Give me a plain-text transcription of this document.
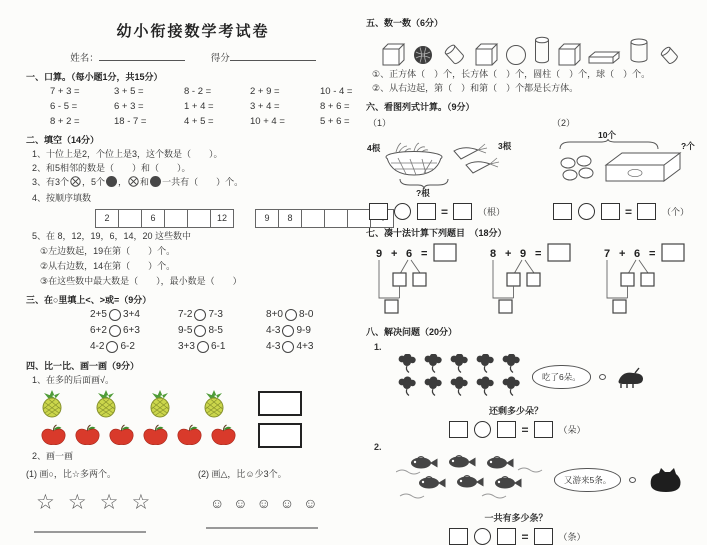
幼小衔接数学考试卷
姓名：	得分
一、口算。（每小题1分，共15分）
7 + 3 =	3 + 5 =	8 - 2 =	2 + 9 =	10 - 4 =
6 - 5 =	6 + 3 =	1 + 4 =	3 + 4 =	8 + 6 =
8 + 2 =	18 - 7 =	4 + 5 =	10 + 4 =	5 + 6 =
二、填空（14分）
1、十位上是2，个位上是3，这个数是（　　）。
2、和5相邻的数是（　　）和（　　）。
3、有3个 ，5个 ， 和 一共有（　　）个。
4、按顺序填数
2	6	12	9	8
5、在 8，12，19，6，14，20 这些数中
①左边数起，19在第（　　）个。
②从右边数，14在第（　　）个。
③在这些数中最大数是（　　），最小数是（　　）
三、在○里填上<、>或=（9分）
2+5 3+4	7-2 7-3	8+0 8-0
6+2 6+3	9-5 8-5	4-3 9-9
4-2 6-2	3+3 6-1	4-3 4+3
四、比一比、画一画（9分）
1、在多的后面画√。
2、画一画
(1) 画○，比☆多两个。
☆☆☆☆
(2) 画△，比☺少3个。
☺☺☺☺☺
五、数一数（6分）
①、正方体（　）个，长方体（　）个，圆柱（　）个，球（　）个。
②、从右边起，第（　）和第（　）个都是长方体。
六、看图列式计算。（9分）
（1）
4根	3根
?根
=	（根）
（2）
10个
?个
=	（个）
七、凑十法计算下列题目　（18分）
9 + 6 =	8 + 9 =	7 + 6 =
八、解决问题（20分）
1.
吃了6朵。
还剩多少朵？
=	（朵）
2.
又游来5条。
一共有多少条？
=	（条）
